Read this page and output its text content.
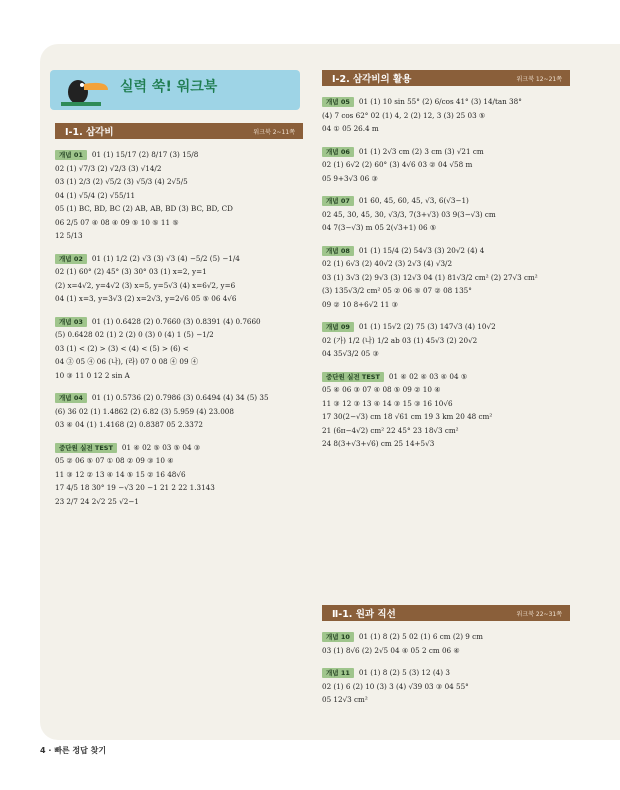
실력 쑥! 워크북
Ⅰ-1. 삼각비	워크북 2~11쪽
개념 01 01 (1) 15/17 (2) 8/17 (3) 15/8
02 (1) √7/3 (2) √2/3 (3) √14/2
03 (1) 2/3 (2) √5/2 (3) √5/3 (4) 2√5/5
04 (1) √5/4 (2) √55/11
05 (1) BC, BD, BC (2) AB, AB, BD (3) BC, BD, CD
06 2/5 07 ④ 08 ④ 09 ⑤ 10 ⑤ 11 ⑤
12 5/13
개념 02 01 (1) 1/2 (2) √3 (3) √3 (4) −5/2 (5) −1/4
02 (1) 60° (2) 45° (3) 30° 03 (1) x=2, y=1
(2) x=4√2, y=4√2 (3) x=5, y=5√3 (4) x=6√2, y=6
04 (1) x=3, y=3√3 (2) x=2√3, y=2√6 05 ⑤ 06 4√6
개념 03 01 (1) 0.6428 (2) 0.7660 (3) 0.8391 (4) 0.7660
(5) 0.6428 02 (1) 2 (2) 0 (3) 0 (4) 1 (5) −1/2
03 (1) < (2) > (3) < (4) < (5) > (6) <
04 ③ 05 ④ 06 (나), (라) 07 0 08 ④ 09 ④
10 ③ 11 0 12 2 sin A
개념 04 01 (1) 0.5736 (2) 0.7986 (3) 0.6494 (4) 34 (5) 35
(6) 36 02 (1) 1.4862 (2) 6.82 (3) 5.959 (4) 23.008
03 ④ 04 (1) 1.4168 (2) 0.8387 05 2.3372
중단원 실전 TEST 01 ④ 02 ⑤ 03 ⑤ 04 ③
05 ② 06 ⑤ 07 ① 08 ② 09 ③ 10 ④
11 ③ 12 ② 13 ④ 14 ⑤ 15 ② 16 48√6
17 4/5 18 30° 19 −√3 20 −1 21 2 22 1.3143
23 2/7 24 2√2 25 √2−1
Ⅰ-2. 삼각비의 활용	워크북 12~21쪽
개념 05 01 (1) 10 sin 55° (2) 6/cos 41° (3) 14/tan 38°
(4) 7 cos 62° 02 (1) 4, 2 (2) 12, 3 (3) 25 03 ⑤
04 ① 05 26.4 m
개념 06 01 (1) 2√3 cm (2) 3 cm (3) √21 cm
02 (1) 6√2 (2) 60° (3) 4√6 03 ② 04 √58 m
05 9+3√3 06 ③
개념 07 01 60, 45, 60, 45, √3, 6(√3−1)
02 45, 30, 45, 30, √3/3, 7(3+√3) 03 9(3−√3) cm
04 7(3−√3) m 05 2(√3+1) 06 ⑤
개념 08 01 (1) 15/4 (2) 54√3 (3) 20√2 (4) 4
02 (1) 6√3 (2) 40√2 (3) 2√3 (4) √3/2
03 (1) 3√3 (2) 9√3 (3) 12√3 04 (1) 81√3/2 cm² (2) 27√3 cm²
(3) 135√3/2 cm² 05 ② 06 ⑤ 07 ② 08 135°
09 ② 10 8+6√2 11 ③
개념 09 01 (1) 15√2 (2) 75 (3) 147√3 (4) 10√2
02 (가) 1/2 (나) 1/2 ab 03 (1) 45√3 (2) 20√2
04 35√3/2 05 ③
중단원 실전 TEST 01 ④ 02 ④ 03 ④ 04 ⑤
05 ④ 06 ③ 07 ④ 08 ⑤ 09 ② 10 ④
11 ③ 12 ③ 13 ④ 14 ③ 15 ③ 16 10√6
17 30(2−√3) cm 18 √61 cm 19 3 km 20 48 cm²
21 (6π−4√2) cm² 22 45° 23 18√3 cm²
24 8(3+√3+√6) cm 25 14+5√3
Ⅱ-1. 원과 직선	워크북 22~31쪽
개념 10 01 (1) 8 (2) 5 02 (1) 6 cm (2) 9 cm
03 (1) 8√6 (2) 2√5 04 ④ 05 2 cm 06 ④
개념 11 01 (1) 8 (2) 5 (3) 12 (4) 3
02 (1) 6 (2) 10 (3) 3 (4) √39 03 ③ 04 55°
05 12√3 cm²
4 · 빠른 정답 찾기
